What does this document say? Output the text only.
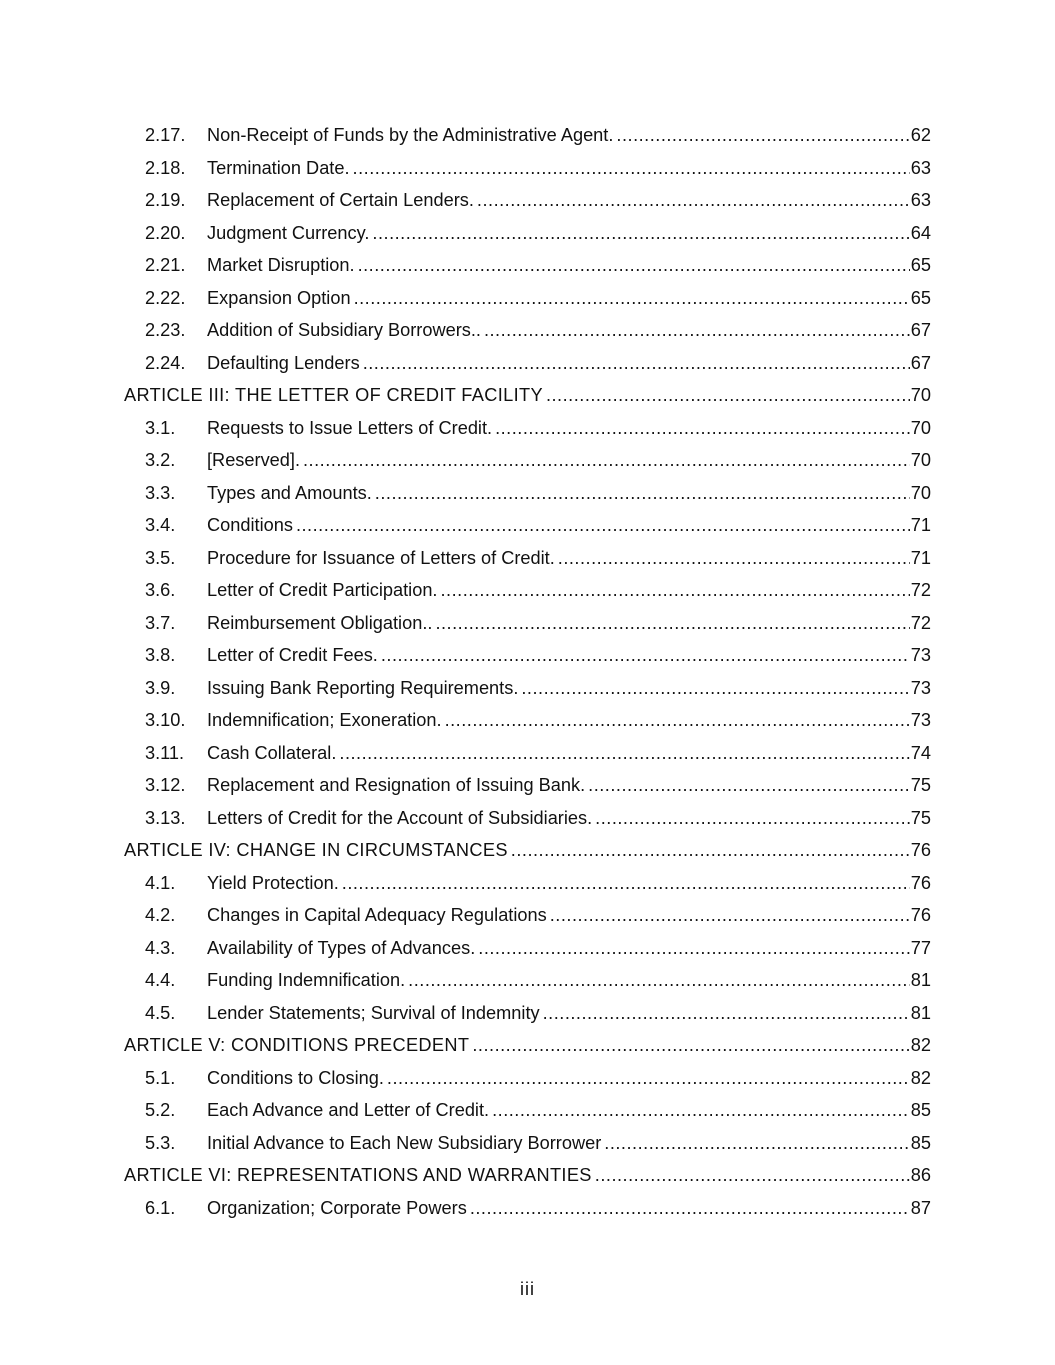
2.17. Non-Receipt of Funds by the Administrative Agent. .....	62
2.18. Termination Date. .....	63
2.19. Replacement of Certain Lenders. .....	63
2.20. Judgment Currency. .....	64
2.21. Market Disruption. .....	65
2.22. Expansion Option .....	65
2.23. Addition of Subsidiary Borrowers.. .....	67
2.24. Defaulting Lenders .....	67
ARTICLE III: THE LETTER OF CREDIT FACILITY .....	70
3.1. Requests to Issue Letters of Credit. .....	70
3.2. [Reserved]. .....	70
3.3. Types and Amounts. .....	70
3.4. Conditions .....	71
3.5. Procedure for Issuance of Letters of Credit. .....	71
3.6. Letter of Credit Participation. .....	72
3.7. Reimbursement Obligation.. .....	72
3.8. Letter of Credit Fees. .....	73
3.9. Issuing Bank Reporting Requirements. .....	73
3.10. Indemnification; Exoneration. .....	73
3.11. Cash Collateral. .....	74
3.12. Replacement and Resignation of Issuing Bank. .....	75
3.13. Letters of Credit for the Account of Subsidiaries. .....	75
ARTICLE IV: CHANGE IN CIRCUMSTANCES .....	76
4.1. Yield Protection. .....	76
4.2. Changes in Capital Adequacy Regulations .....	76
4.3. Availability of Types of Advances. .....	77
4.4. Funding Indemnification. .....	81
4.5. Lender Statements; Survival of Indemnity .....	81
ARTICLE V: CONDITIONS PRECEDENT .....	82
5.1. Conditions to Closing. .....	82
5.2. Each Advance and Letter of Credit. .....	85
5.3. Initial Advance to Each New Subsidiary Borrower .....	85
ARTICLE VI: REPRESENTATIONS AND WARRANTIES .....	86
6.1. Organization; Corporate Powers .....	87
iii
